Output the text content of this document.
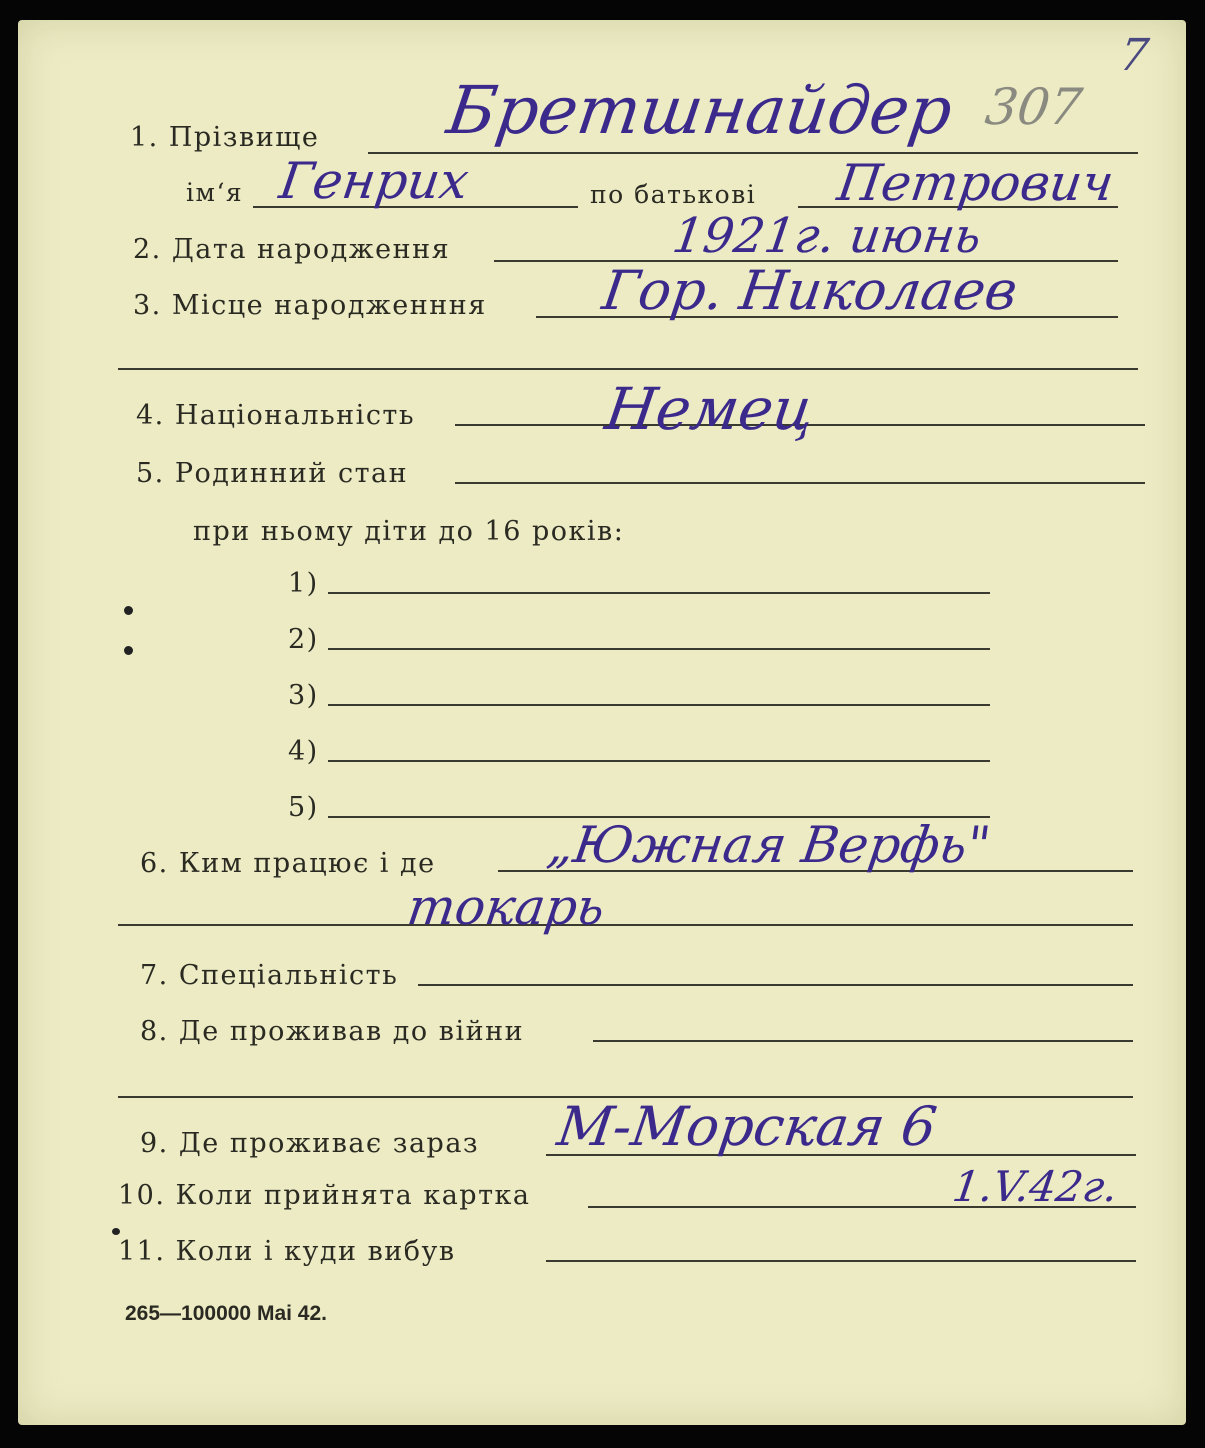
307
7
1. Прізвище Бретшнайдер
ім‘я Генрих	по батькові Петрович
2. Дата народження	1921г. июнь
3. Місце народженння Гор. Николаев
4. Національність	Немец
5. Родинний стан
при ньому діти до 16 років:
1)
2)
3)
4)
5)
6. Ким працює і де „Южная Верфь"
токарь
7. Спеціальність
8. Де проживав до війни
9. Де проживає зараз М-Морская 6
10. Коли прийнята картка	1.V.42г.
11. Коли і куди вибув
265—100000 Mai 42.
